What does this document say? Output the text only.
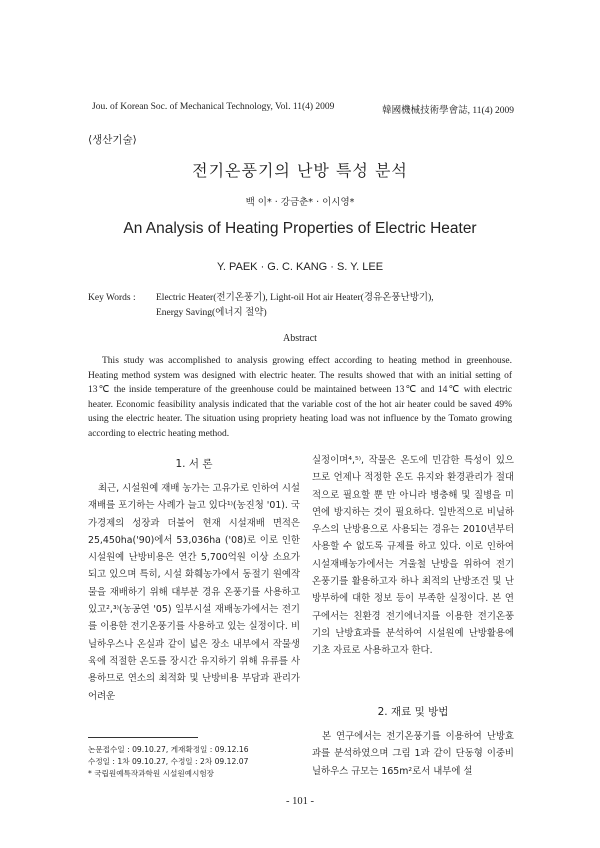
Jou. of Korean Soc. of Mechanical Technology, Vol. 11(4) 2009	韓國機械技術學會誌, 11(4) 2009
⟨생산기술⟩
전기온풍기의 난방 특성 분석
백 이* · 강금춘* · 이시영*
An Analysis of Heating Properties of Electric Heater
Y. PAEK · G. C. KANG · S. Y. LEE
Key Words : Electric Heater(전기온풍기), Light-oil Hot air Heater(경유온풍난방기),
Energy Saving(에너지 절약)
Abstract
This study was accomplished to analysis growing effect according to heating method in greenhouse. Heating method system was designed with electric heater. The results showed that with an initial setting of 13℃ the inside temperature of the greenhouse could be maintained between 13℃ and 14℃ with electric heater. Economic feasibility analysis indicated that the variable cost of the hot air heater could be saved 49% using the electric heater. The situation using propriety heating load was not influence by the Tomato growing according to electric heating method.
1. 서 론
최근, 시설원예 재배 농가는 고유가로 인하여 시설재배를 포기하는 사례가 늘고 있다¹⁾(농진청 '01). 국가경제의 성장과 더불어 현재 시설재배 면적은 25,450ha('90)에서 53,036ha ('08)로 이로 인한 시설원예 난방비용은 연간 5,700억원 이상 소요가 되고 있으며 특히, 시설 화훼농가에서 동절기 원예작물을 재배하기 위해 대부분 경유 온풍기를 사용하고 있고²,³⁾(농공연 '05) 일부시설 재배농가에서는 전기를 이용한 전기온풍기를 사용하고 있는 실정이다. 비닐하우스나 온실과 같이 넓은 장소 내부에서 작물생육에 적절한 온도를 장시간 유지하기 위해 유류를 사용하므로 연소의 최적화 및 난방비용 부담과 관리가 어려운
실정이며⁴,⁵⁾, 작물은 온도에 민감한 특성이 있으므로 언제나 적정한 온도 유지와 환경관리가 절대적으로 필요할 뿐 만 아니라 병충해 및 질병을 미연에 방지하는 것이 필요하다. 일반적으로 비닐하우스의 난방용으로 사용되는 경유는 2010년부터 사용할 수 없도록 규제를 하고 있다. 이로 인하여 시설재배농가에서는 겨울철 난방을 위하여 전기온풍기를 활용하고자 하나 최적의 난방조건 및 난방부하에 대한 정보 등이 부족한 실정이다. 본 연구에서는 친환경 전기에너지를 이용한 전기온풍기의 난방효과를 분석하여 시설원예 난방활용에 기초 자료로 사용하고자 한다.
2. 재료 및 방법
본 연구에서는 전기온풍기를 이용하여 난방효과를 분석하였으며 그림 1과 같이 단동형 이중비닐하우스 규모는 165m²로서 내부에 설
논문접수일 : 09.10.27, 게재확정일 : 09.12.16
수정일 : 1차 09.10.27, 수정일 : 2차 09.12.07
* 국립원예특작과학원 시설원예시험장
- 101 -
